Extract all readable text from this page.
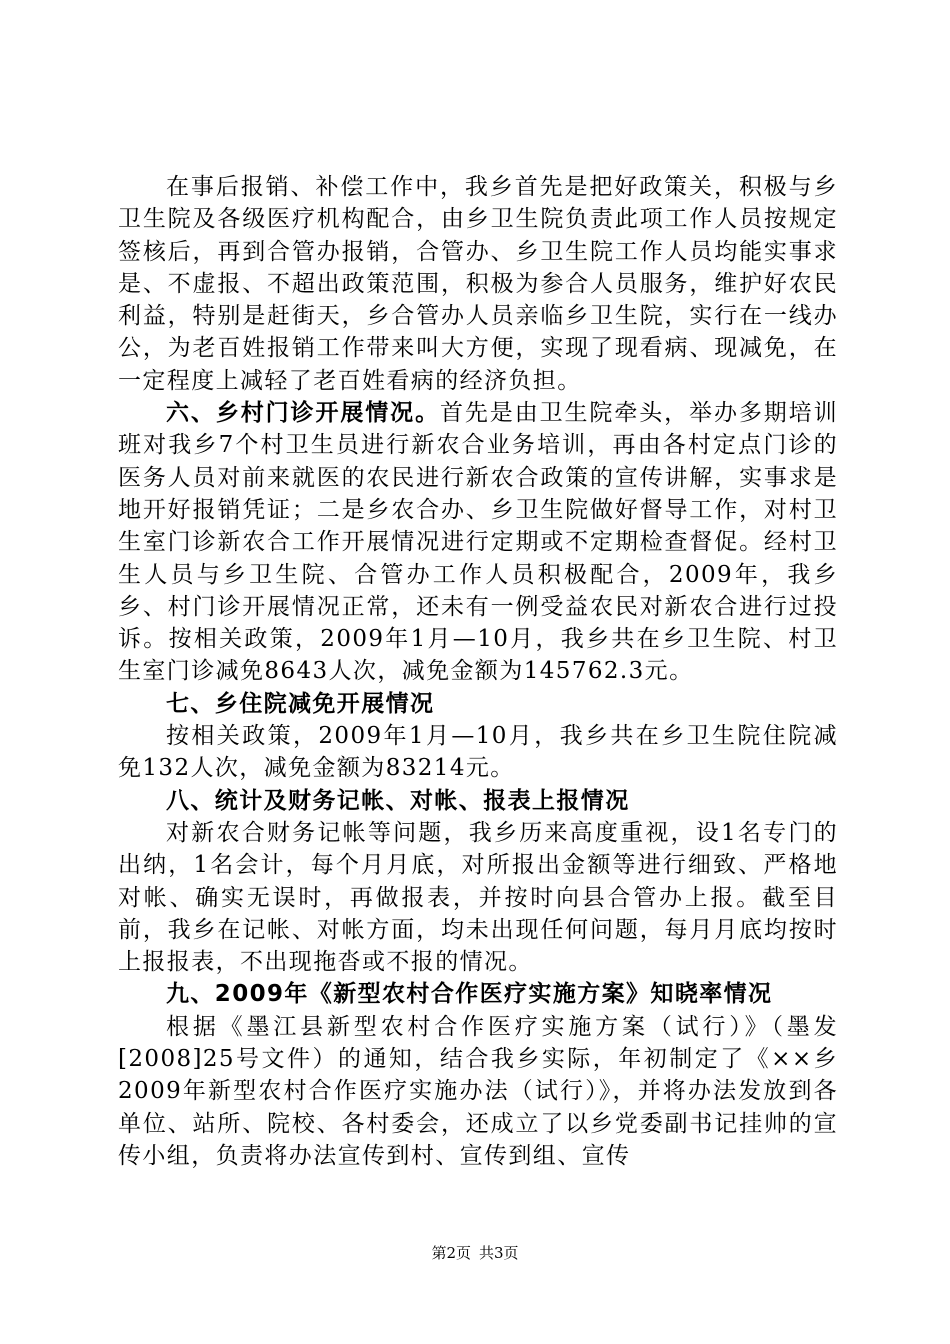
在事后报销、补偿工作中，我乡首先是把好政策关，积极与乡卫生院及各级医疗机构配合，由乡卫生院负责此项工作人员按规定签核后，再到合管办报销，合管办、乡卫生院工作人员均能实事求是、不虚报、不超出政策范围，积极为参合人员服务，维护好农民利益，特别是赶街天，乡合管办人员亲临乡卫生院，实行在一线办公，为老百姓报销工作带来叫大方便，实现了现看病、现减免，在一定程度上减轻了老百姓看病的经济负担。

六、乡村门诊开展情况。首先是由卫生院牵头，举办多期培训班对我乡7个村卫生员进行新农合业务培训，再由各村定点门诊的医务人员对前来就医的农民进行新农合政策的宣传讲解，实事求是地开好报销凭证；二是乡农合办、乡卫生院做好督导工作，对村卫生室门诊新农合工作开展情况进行定期或不定期检查督促。经村卫生人员与乡卫生院、合管办工作人员积极配合，2009年，我乡乡、村门诊开展情况正常，还未有一例受益农民对新农合进行过投诉。按相关政策，2009年1月—10月，我乡共在乡卫生院、村卫生室门诊减免8643人次，减免金额为145762.3元。

七、乡住院减免开展情况

按相关政策，2009年1月—10月，我乡共在乡卫生院住院减免132人次，减免金额为83214元。

八、统计及财务记帐、对帐、报表上报情况

对新农合财务记帐等问题，我乡历来高度重视，设1名专门的出纳，1名会计，每个月月底，对所报出金额等进行细致、严格地对帐、确实无误时，再做报表，并按时向县合管办上报。截至目前，我乡在记帐、对帐方面，均未出现任何问题，每月月底均按时上报报表，不出现拖沓或不报的情况。

九、2009年《新型农村合作医疗实施方案》知晓率情况

根据《墨江县新型农村合作医疗实施方案（试行）》（墨发[2008]25号文件）的通知，结合我乡实际，年初制定了《××乡2009年新型农村合作医疗实施办法（试行）》，并将办法发放到各单位、站所、院校、各村委会，还成立了以乡党委副书记挂帅的宣传小组，负责将办法宣传到村、宣传到组、宣传

第2页 共3页
